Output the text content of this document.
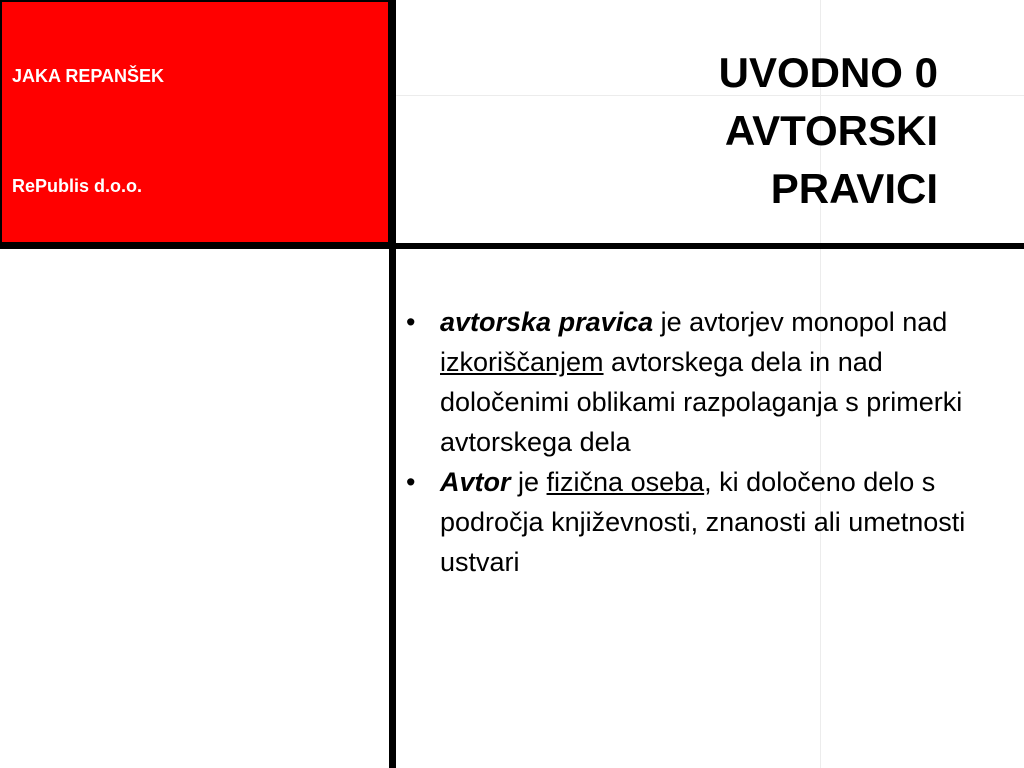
JAKA REPANŠEK
RePublis d.o.o.
UVODNO 0
AVTORSKI
PRAVICI

• avtorska pravica je avtorjev monopol nad izkoriščanjem avtorskega dela in nad določenimi oblikami razpolaganja s primerki avtorskega dela

• Avtor je fizična oseba, ki določeno delo s področja književnosti, znanosti ali umetnosti ustvari
